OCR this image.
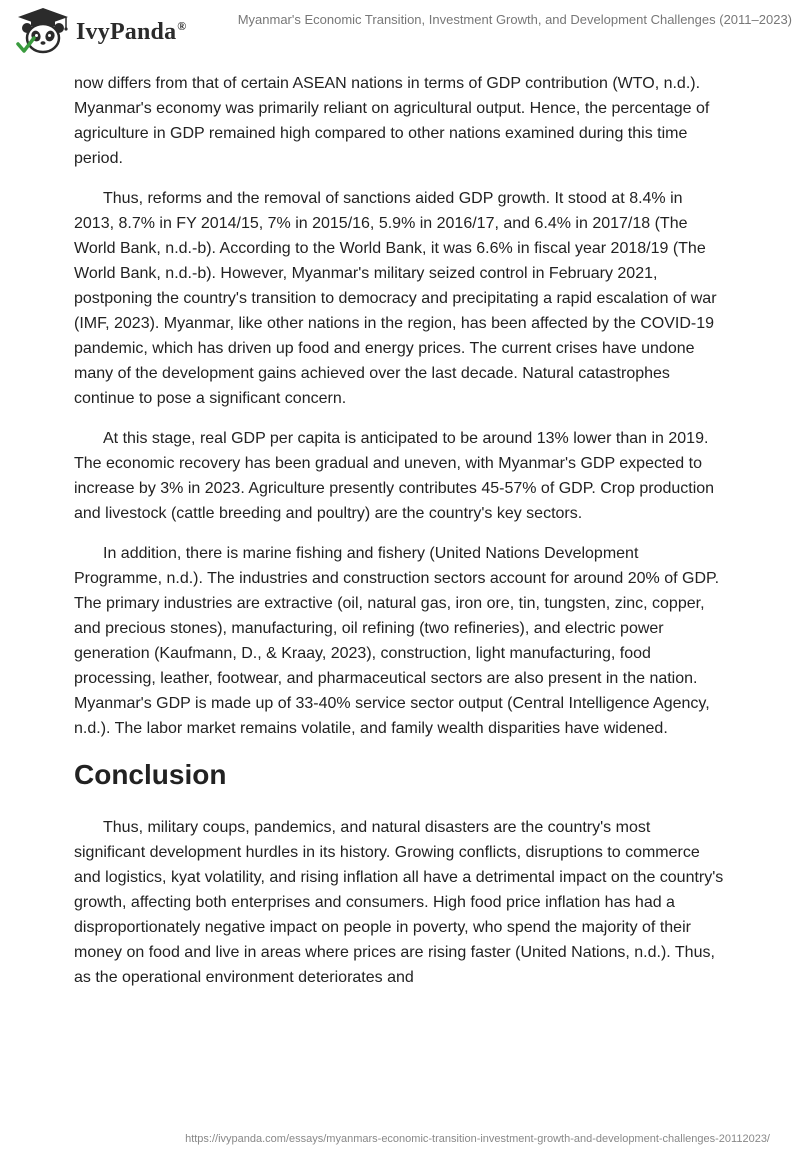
IvyPanda®	Myanmar's Economic Transition, Investment Growth, and Development Challenges (2011–2023)

now differs from that of certain ASEAN nations in terms of GDP contribution (WTO, n.d.). Myanmar's economy was primarily reliant on agricultural output. Hence, the percentage of agriculture in GDP remained high compared to other nations examined during this time period.

Thus, reforms and the removal of sanctions aided GDP growth. It stood at 8.4% in 2013, 8.7% in FY 2014/15, 7% in 2015/16, 5.9% in 2016/17, and 6.4% in 2017/18 (The World Bank, n.d.-b). According to the World Bank, it was 6.6% in fiscal year 2018/19 (The World Bank, n.d.-b). However, Myanmar's military seized control in February 2021, postponing the country's transition to democracy and precipitating a rapid escalation of war (IMF, 2023). Myanmar, like other nations in the region, has been affected by the COVID-19 pandemic, which has driven up food and energy prices. The current crises have undone many of the development gains achieved over the last decade. Natural catastrophes continue to pose a significant concern.

At this stage, real GDP per capita is anticipated to be around 13% lower than in 2019. The economic recovery has been gradual and uneven, with Myanmar's GDP expected to increase by 3% in 2023. Agriculture presently contributes 45-57% of GDP. Crop production and livestock (cattle breeding and poultry) are the country's key sectors.

In addition, there is marine fishing and fishery (United Nations Development Programme, n.d.). The industries and construction sectors account for around 20% of GDP. The primary industries are extractive (oil, natural gas, iron ore, tin, tungsten, zinc, copper, and precious stones), manufacturing, oil refining (two refineries), and electric power generation (Kaufmann, D., & Kraay, 2023), construction, light manufacturing, food processing, leather, footwear, and pharmaceutical sectors are also present in the nation. Myanmar's GDP is made up of 33-40% service sector output (Central Intelligence Agency, n.d.). The labor market remains volatile, and family wealth disparities have widened.

Conclusion

Thus, military coups, pandemics, and natural disasters are the country's most significant development hurdles in its history. Growing conflicts, disruptions to commerce and logistics, kyat volatility, and rising inflation all have a detrimental impact on the country's growth, affecting both enterprises and consumers. High food price inflation has had a disproportionately negative impact on people in poverty, who spend the majority of their money on food and live in areas where prices are rising faster (United Nations, n.d.). Thus, as the operational environment deteriorates and

https://ivypanda.com/essays/myanmars-economic-transition-investment-growth-and-development-challenges-20112023/
